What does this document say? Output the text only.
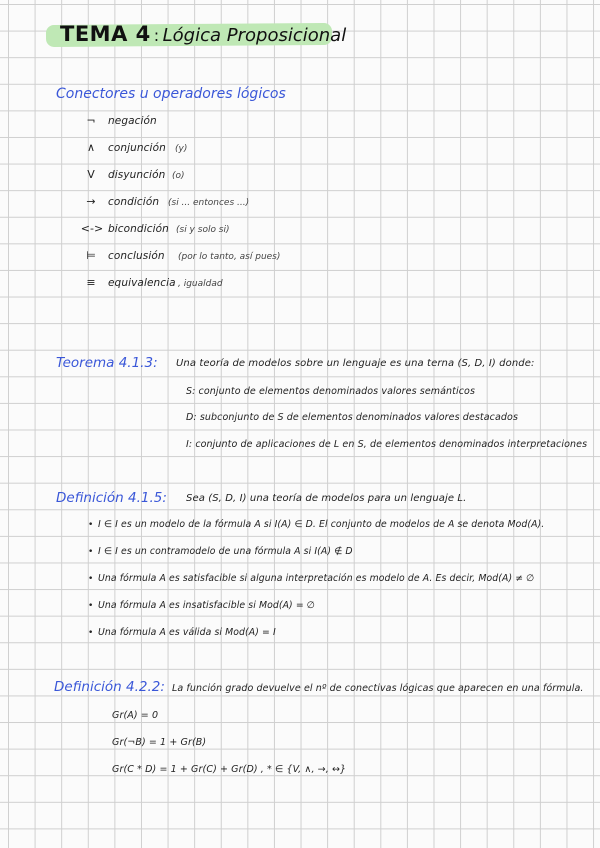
TEMA 4 : Lógica Proposicional
Conectores u operadores lógicos
¬	negación
∧	conjunción (y)
V	disyunción (o)
→	condición (si ... entonces ...)
<-> bicondición (si y solo si)
⊨	conclusión (por lo tanto, así pues)
≡	equivalencia , igualdad
Teorema 4.1.3: Una teoría de modelos sobre un lenguaje es una terna (S, D, I) donde:
S: conjunto de elementos denominados valores semánticos
D: subconjunto de S de elementos denominados valores destacados
I: conjunto de aplicaciones de L en S, de elementos denominados interpretaciones
Definición 4.1.5: Sea (S, D, I) una teoría de modelos para un lenguaje L.
• I ∈ I es un modelo de la fórmula A si I(A) ∈ D. El conjunto de modelos de A se denota Mod(A).
• I ∈ I es un contramodelo de una fórmula A si I(A) ∉ D
• Una fórmula A es satisfacible si alguna interpretación es modelo de A. Es decir, Mod(A) ≠ ∅
• Una fórmula A es insatisfacible si Mod(A) = ∅
• Una fórmula A es válida si Mod(A) = I
Definición 4.2.2: La función grado devuelve el nº de conectivas lógicas que aparecen en una fórmula.
Gr(A) = 0
Gr(¬B) = 1 + Gr(B)
Gr(C * D) = 1 + Gr(C) + Gr(D) , * ∈ {V, ∧, →, ↔}
